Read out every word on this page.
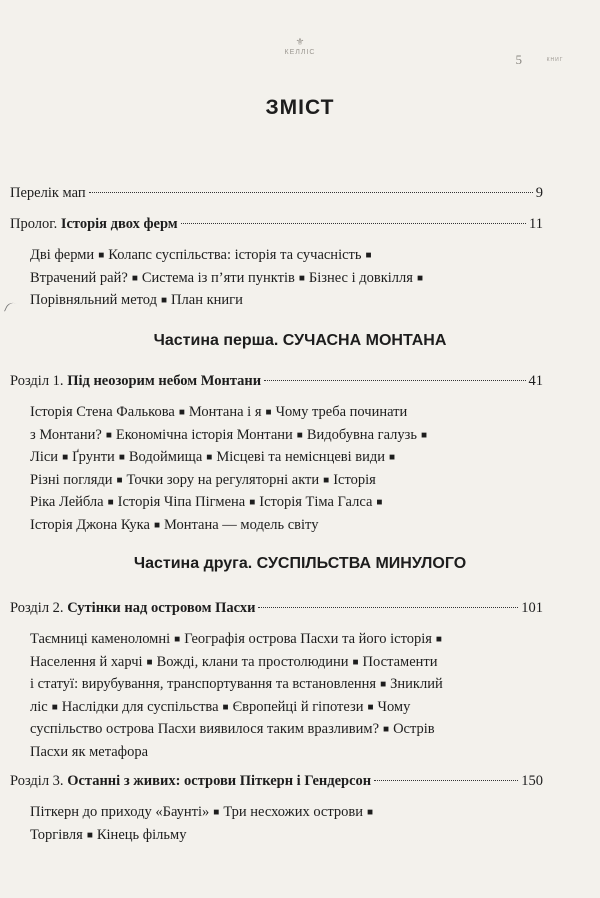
⚜
КЕЛЛІС
КНИГ
5
ЗМІСТ
Перелік мап	9
Пролог. Історія двох ферм	11
Дві ферми ■ Колапс суспільства: історія та сучасність ■
Втрачений рай? ■ Система із п’яти пунктів ■ Бізнес і довкілля ■
Порівняльний метод ■ План книги
Частина перша. СУЧАСНА МОНТАНА
Розділ 1. Під неозорим небом Монтани	41
Історія Стена Фалькова ■ Монтана і я ■ Чому треба починати
з Монтани? ■ Економічна історія Монтани ■ Видобувна галузь ■
Ліси ■ Ґрунти ■ Водоймища ■ Місцеві та неміснцеві види ■
Різні погляди ■ Точки зору на регуляторні акти ■ Історія
Ріка Лейбла ■ Історія Чіпа Пігмена ■ Історія Тіма Галса ■
Історія Джона Кука ■ Монтана — модель світу
Частина друга. СУСПІЛЬСТВА МИНУЛОГО
Розділ 2. Сутінки над островом Пасхи	101
Таємниці каменоломні ■ Географія острова Пасхи та його історія ■
Населення й харчі ■ Вожді, клани та простолюдини ■ Постаменти
і статуї: вирубування, транспортування та встановлення ■ Зниклий
ліс ■ Наслідки для суспільства ■ Європейці й гіпотези ■ Чому
суспільство острова Пасхи виявилося таким вразливим? ■ Острів
Пасхи як метафора
Розділ 3. Останні з живих: острови Піткерн і Гендерсон	150
Піткерн до приходу «Баунті» ■ Три несхожих острови ■
Торгівля ■ Кінець фільму
